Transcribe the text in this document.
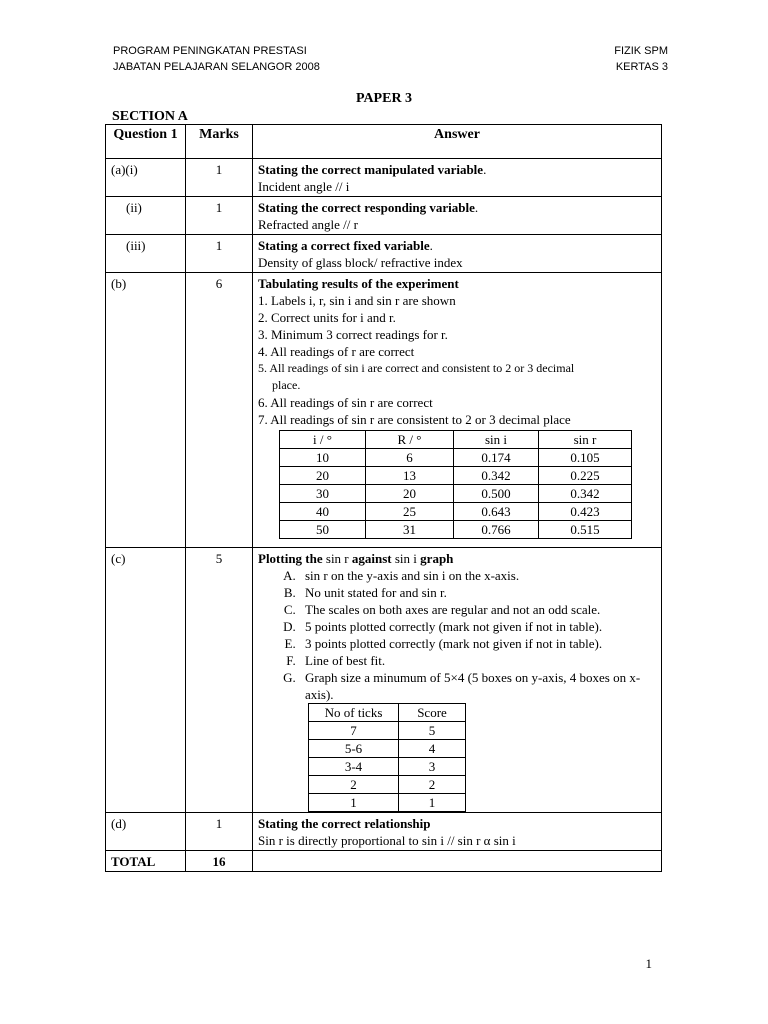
PROGRAM PENINGKATAN PRESTASI
JABATAN PELAJARAN SELANGOR 2008
FIZIK SPM
KERTAS 3
PAPER 3
SECTION A
Question 1	Marks	Answer
(a)(i)	1	Stating the correct manipulated variable.
Incident angle // i

(ii)	1	Stating the correct responding variable.
Refracted angle // r

(iii)	1	Stating a correct fixed variable.
Density of glass block/ refractive index

(b)	6	Tabulating results of the experiment
1. Labels i, r, sin i and sin r are shown
2. Correct units for i and r.
3. Minimum 3 correct readings for r.
4. All readings of r are correct
5. All readings of sin i are correct and consistent to 2 or 3 decimal
place.
6. All readings of sin r are correct
7. All readings of sin r are consistent to 2 or 3 decimal place
i / °	R / °	sin i	sin r
10	6	0.174	0.105
20	13	0.342	0.225
30	20	0.500	0.342
40	25	0.643	0.423
50	31	0.766	0.515

(c)	5	Plotting the sin r against sin i graph
A. sin r on the y-axis and sin i on the x-axis.
B. No unit stated for and sin r.
C. The scales on both axes are regular and not an odd scale.
D. 5 points plotted correctly (mark not given if not in table).
E. 3 points plotted correctly (mark not given if not in table).
F. Line of best fit.
G. Graph size a minumum of 5×4 (5 boxes on y-axis, 4 boxes on x-axis).
No of ticks	Score
7	5
5-6	4
3-4	3
2	2
1	1

(d)	1	Stating the correct relationship
Sin r is directly proportional to sin i // sin r α sin i

TOTAL	16	
1
